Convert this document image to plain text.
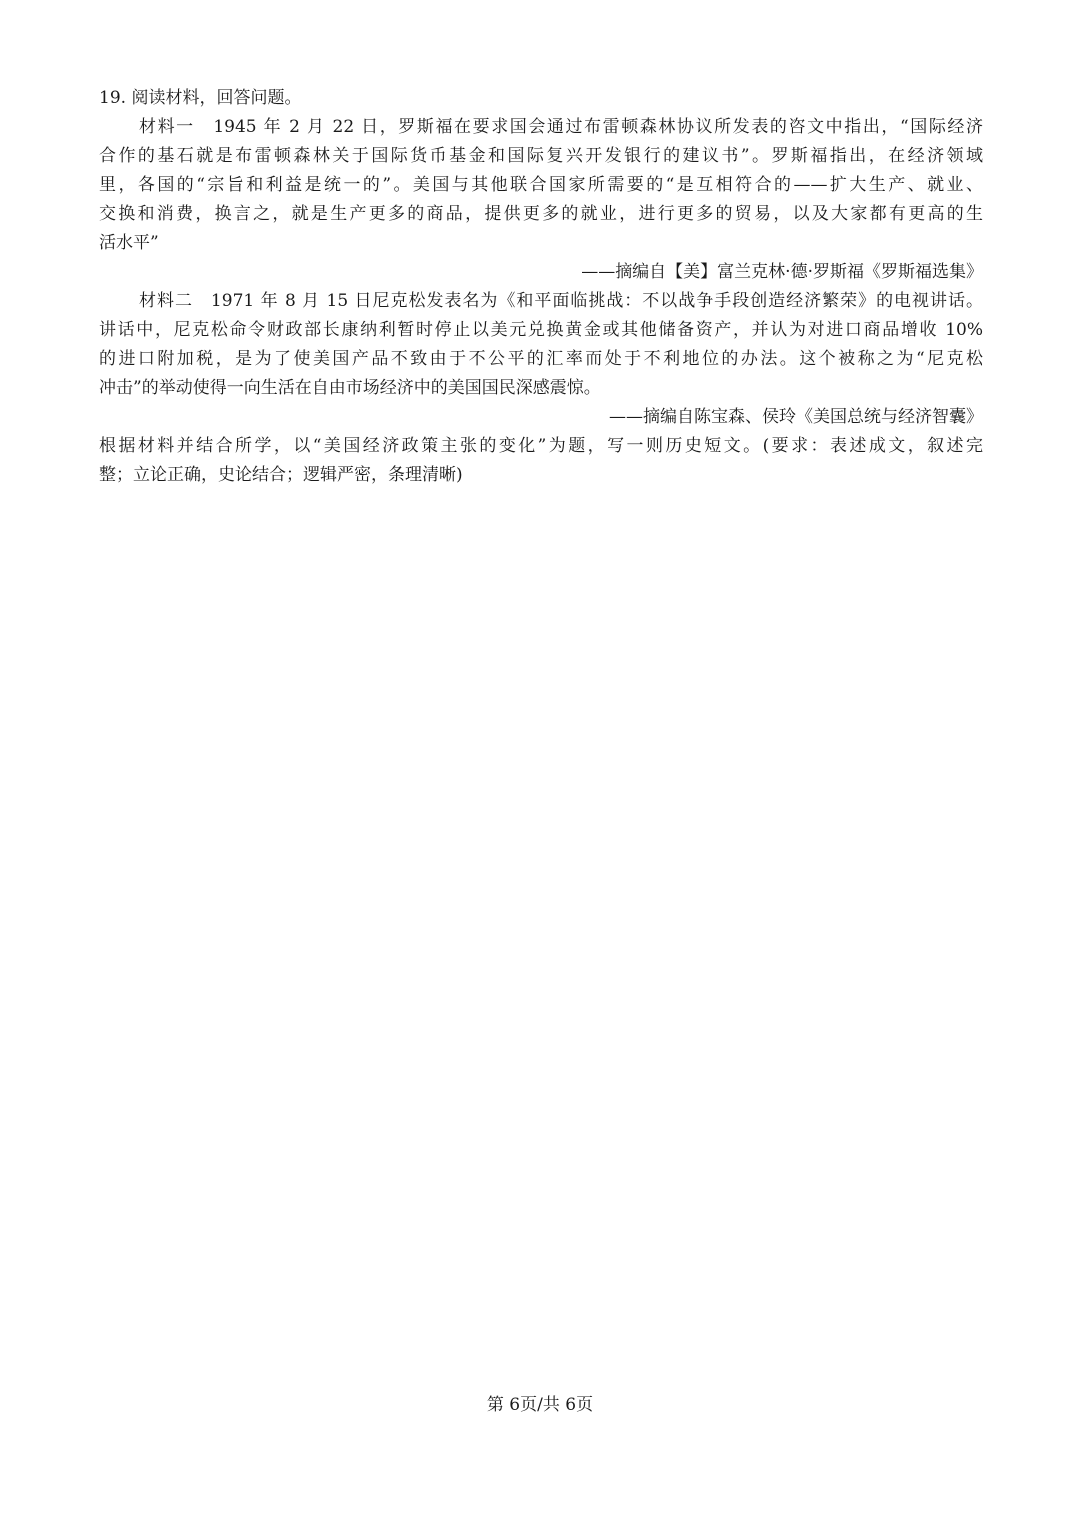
19. 阅读材料，回答问题。
材料一　1945 年 2 月 22 日，罗斯福在要求国会通过布雷顿森林协议所发表的咨文中指出，“国际经济
合作的基石就是布雷顿森林关于国际货币基金和国际复兴开发银行的建议书”。罗斯福指出，在经济领域
里，各国的“宗旨和利益是统一的”。美国与其他联合国家所需要的“是互相符合的——扩大生产、就业、
交换和消费，换言之，就是生产更多的商品，提供更多的就业，进行更多的贸易，以及大家都有更高的生
活水平”
——摘编自【美】富兰克林·德·罗斯福《罗斯福选集》
材料二　1971 年 8 月 15 日尼克松发表名为《和平面临挑战：不以战争手段创造经济繁荣》的电视讲话。
讲话中，尼克松命令财政部长康纳利暂时停止以美元兑换黄金或其他储备资产，并认为对进口商品增收 10%
的进口附加税，是为了使美国产品不致由于不公平的汇率而处于不利地位的办法。这个被称之为“尼克松
冲击”的举动使得一向生活在自由市场经济中的美国国民深感震惊。
——摘编自陈宝森、侯玲《美国总统与经济智囊》
根据材料并结合所学，以“美国经济政策主张的变化”为题，写一则历史短文。(要求：表述成文，叙述完
整；立论正确，史论结合；逻辑严密，条理清晰)
第 6页/共 6页
